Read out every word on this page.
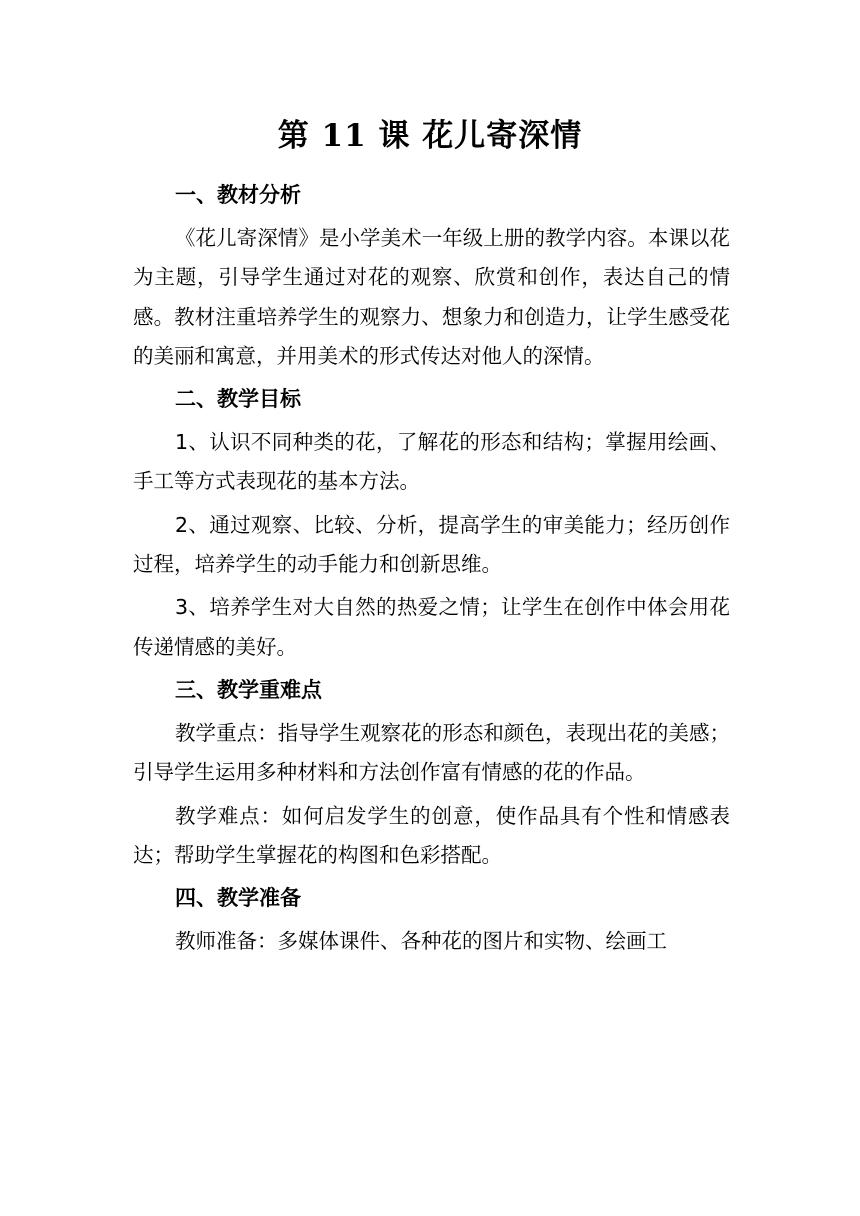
第 11 课 花儿寄深情
一、教材分析
《花儿寄深情》是小学美术一年级上册的教学内容。本课以花为主题，引导学生通过对花的观察、欣赏和创作，表达自己的情感。教材注重培养学生的观察力、想象力和创造力，让学生感受花的美丽和寓意，并用美术的形式传达对他人的深情。
二、教学目标
1、认识不同种类的花，了解花的形态和结构；掌握用绘画、手工等方式表现花的基本方法。
2、通过观察、比较、分析，提高学生的审美能力；经历创作过程，培养学生的动手能力和创新思维。
3、培养学生对大自然的热爱之情；让学生在创作中体会用花传递情感的美好。
三、教学重难点
教学重点：指导学生观察花的形态和颜色，表现出花的美感；引导学生运用多种材料和方法创作富有情感的花的作品。
教学难点：如何启发学生的创意，使作品具有个性和情感表达；帮助学生掌握花的构图和色彩搭配。
四、教学准备
教师准备：多媒体课件、各种花的图片和实物、绘画工
